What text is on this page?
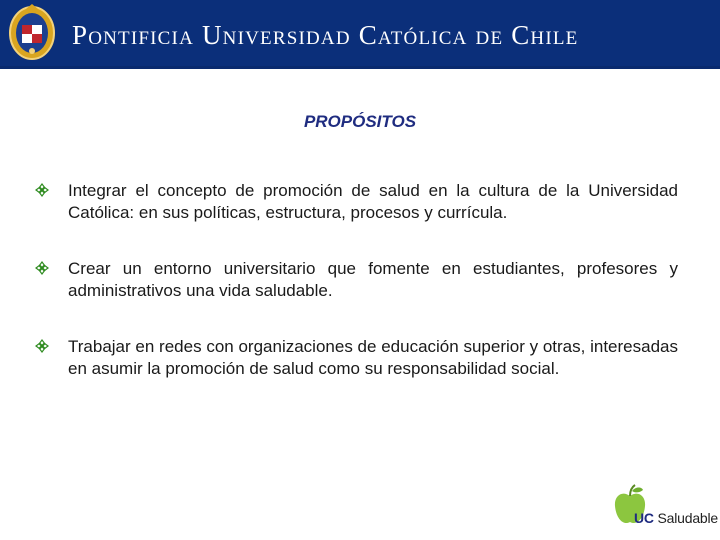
Pontificia Universidad Católica de Chile
PROPÓSITOS
Integrar el concepto de promoción de salud en la cultura de la Universidad Católica: en sus políticas, estructura, procesos y currícula.
Crear un entorno universitario que fomente en estudiantes, profesores y administrativos una vida saludable.
Trabajar en redes con organizaciones de educación superior y otras, interesadas en asumir la promoción de salud como su responsabilidad social.
UC Saludable
